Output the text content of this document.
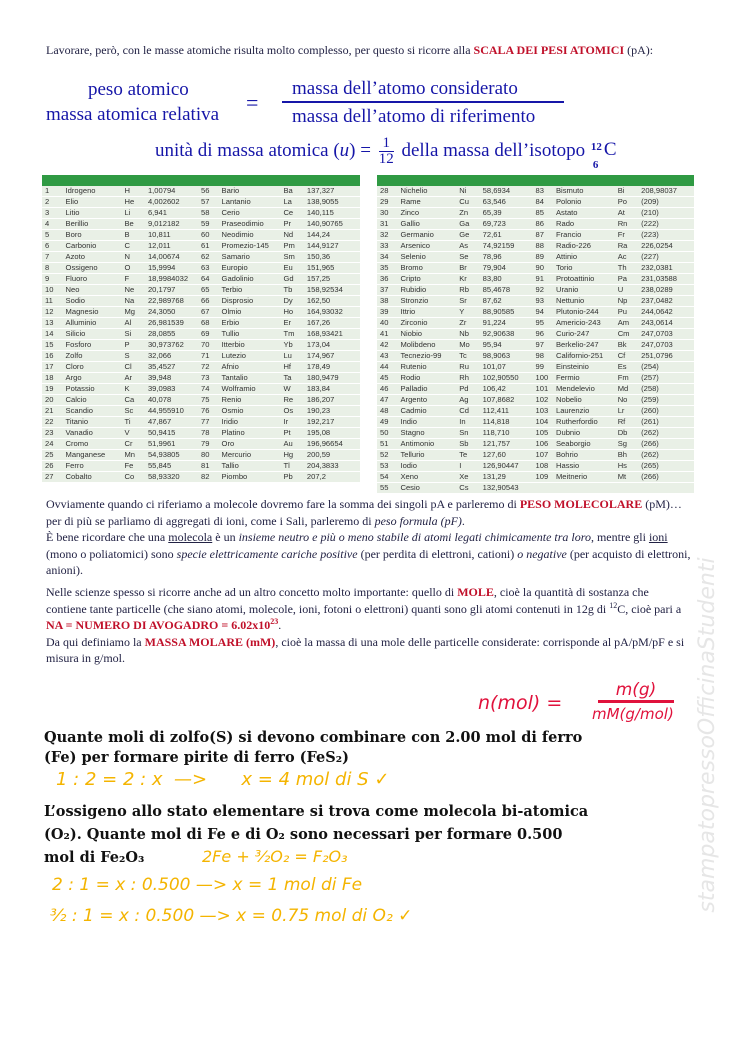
stampatopressoOfficinaStudenti
Lavorare, però, con le masse atomiche risulta molto complesso, per questo si ricorre alla SCALA DEI PESI ATOMICI (pA):
peso atomico
massa atomica relativa =
massa dell’atomo considerato
massa dell’atomo di riferimento
unità di massa atomica $(u) = \frac{1}{12}$ della massa dell’isotopo 12
6
C
1	Idrogeno	H	1,00794	56	Bario	Ba	137,327
2	Elio	He	4,002602	57	Lantanio	La	138,9055
3	Litio	Li	6,941	58	Cerio	Ce	140,115
4	Berillio	Be	9,012182	59	Praseodimio	Pr	140,90765
5	Boro	B	10,811	60	Neodimio	Nd	144,24
6	Carbonio	C	12,011	61	Promezio-145	Pm	144,9127
7	Azoto	N	14,00674	62	Samario	Sm	150,36
8	Ossigeno	O	15,9994	63	Europio	Eu	151,965
9	Fluoro	F	18,9984032	64	Gadolinio	Gd	157,25
10	Neo	Ne	20,1797	65	Terbio	Tb	158,92534
11	Sodio	Na	22,989768	66	Disprosio	Dy	162,50
12	Magnesio	Mg	24,3050	67	Olmio	Ho	164,93032
13	Alluminio	Al	26,981539	68	Erbio	Er	167,26
14	Silicio	Si	28,0855	69	Tullio	Tm	168,93421
15	Fosforo	P	30,973762	70	Itterbio	Yb	173,04
16	Zolfo	S	32,066	71	Lutezio	Lu	174,967
17	Cloro	Cl	35,4527	72	Afnio	Hf	178,49
18	Argo	Ar	39,948	73	Tantalio	Ta	180,9479
19	Potassio	K	39,0983	74	Wolframio	W	183,84
20	Calcio	Ca	40,078	75	Renio	Re	186,207
21	Scandio	Sc	44,955910	76	Osmio	Os	190,23
22	Titanio	Ti	47,867	77	Iridio	Ir	192,217
23	Vanadio	V	50,9415	78	Platino	Pt	195,08
24	Cromo	Cr	51,9961	79	Oro	Au	196,96654
25	Manganese	Mn	54,93805	80	Mercurio	Hg	200,59
26	Ferro	Fe	55,845	81	Tallio	Tl	204,3833
27	Cobalto	Co	58,93320	82	Piombo	Pb	207,2
28	Nichelio	Ni	58,6934	83	Bismuto	Bi	208,98037
29	Rame	Cu	63,546	84	Polonio	Po	(209)
30	Zinco	Zn	65,39	85	Astato	At	(210)
31	Gallio	Ga	69,723	86	Rado	Rn	(222)
32	Germanio	Ge	72,61	87	Francio	Fr	(223)
33	Arsenico	As	74,92159	88	Radio-226	Ra	226,0254
34	Selenio	Se	78,96	89	Attinio	Ac	(227)
35	Bromo	Br	79,904	90	Torio	Th	232,0381
36	Cripto	Kr	83,80	91	Protoattinio	Pa	231,03588
37	Rubidio	Rb	85,4678	92	Uranio	U	238,0289
38	Stronzio	Sr	87,62	93	Nettunio	Np	237,0482
39	Ittrio	Y	88,90585	94	Plutonio-244	Pu	244,0642
40	Zirconio	Zr	91,224	95	Americio-243	Am	243,0614
41	Niobio	Nb	92,90638	96	Curio-247	Cm	247,0703
42	Molibdeno	Mo	95,94	97	Berkelio-247	Bk	247,0703
43	Tecnezio-99	Tc	98,9063	98	Californio-251	Cf	251,0796
44	Rutenio	Ru	101,07	99	Einsteinio	Es	(254)
45	Rodio	Rh	102,90550	100	Fermio	Fm	(257)
46	Palladio	Pd	106,42	101	Mendelevio	Md	(258)
47	Argento	Ag	107,8682	102	Nobelio	No	(259)
48	Cadmio	Cd	112,411	103	Laurenzio	Lr	(260)
49	Indio	In	114,818	104	Rutherfordio	Rf	(261)
50	Stagno	Sn	118,710	105	Dubnio	Db	(262)
51	Antimonio	Sb	121,757	106	Seaborgio	Sg	(266)
52	Tellurio	Te	127,60	107	Bohrio	Bh	(262)
53	Iodio	I	126,90447	108	Hassio	Hs	(265)
54	Xeno	Xe	131,29	109	Meitnerio	Mt	(266)
55	Cesio	Cs	132,90543				
Ovviamente quando ci riferiamo a molecole dovremo fare la somma dei singoli pA e parleremo di PESO MOLECOLARE (pM)…per di più se parliamo di aggregati di ioni, come i Sali, parleremo di peso formula (pF).
È bene ricordare che una molecola è un insieme neutro e più o meno stabile di atomi legati chimicamente tra loro, mentre gli ioni (mono o poliatomici) sono specie elettricamente cariche positive (per perdita di elettroni, cationi) o negative (per acquisto di elettroni, anioni).
Nelle scienze spesso si ricorre anche ad un altro concetto molto importante: quello di MOLE, cioè la quantità di sostanza che contiene tante particelle (che siano atomi, molecole, ioni, fotoni o elettroni) quanti sono gli atomi contenuti in 12g di $^{12}$C, cioè pari a NA = NUMERO DI AVOGADRO = $6.02x10^{23}$.
Da qui definiamo la MASSA MOLARE (mM), cioè la massa di una mole delle particelle considerate: corrisponde al pA/pM/pF e si misura in g/mol.
n(mol) =
m(g)
mM(g/mol)
Quante moli di zolfo(S) si devono combinare con 2.00 mol di ferro
(Fe) per formare pirite di ferro (FeS₂)
1 : 2 = 2 : x  —>      x = 4 mol di S ✓
L’ossigeno allo stato elementare si trova come molecola bi-atomica
(O₂). Quante mol di Fe e di O₂ sono necessari per formare 0.500
mol di Fe₂O₃	2Fe + ³⁄₂O₂ = F₂O₃
2 : 1 = x : 0.500 —> x = 1 mol di Fe
³⁄₂ : 1 = x : 0.500 —> x = 0.75 mol di O₂ ✓
